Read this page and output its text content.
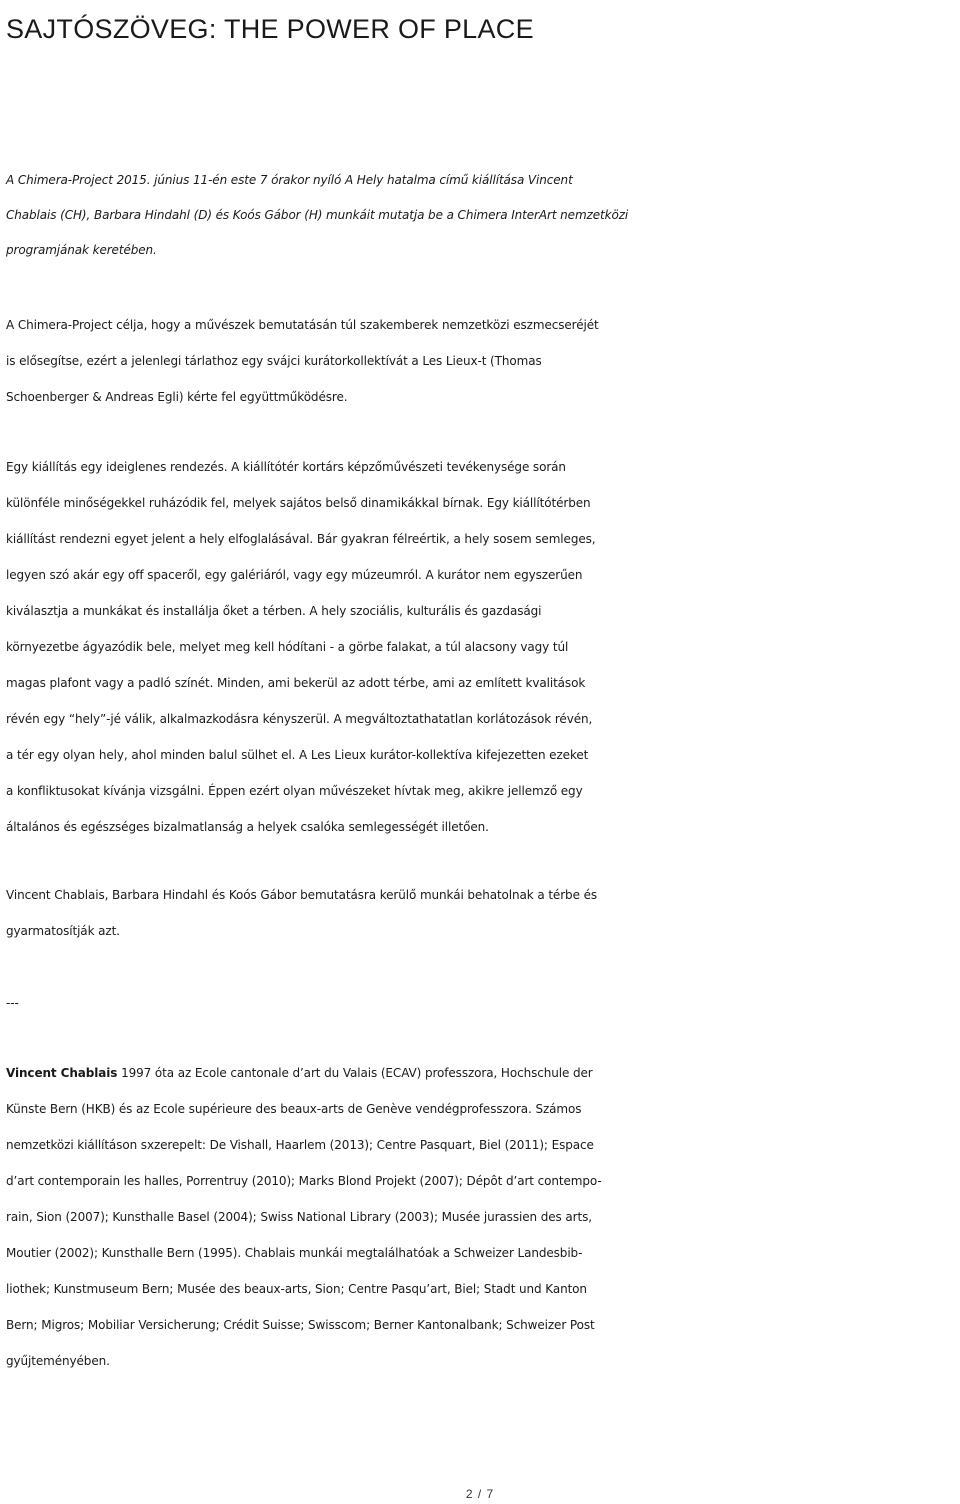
SAJTÓSZÖVEG: THE POWER OF PLACE
A Chimera-Project 2015. június 11-én este 7 órakor nyíló A Hely hatalma című kiállítása Vincent
Chablais (CH), Barbara Hindahl (D) és Koós Gábor (H) munkáit mutatja be a Chimera InterArt nemzetközi
programjának keretében.
A Chimera-Project célja, hogy a művészek bemutatásán túl szakemberek nemzetközi eszmecseréjét
is elősegítse, ezért a jelenlegi tárlathoz egy svájci kurátorkollektívát a Les Lieux-t (Thomas
Schoenberger & Andreas Egli) kérte fel együttműködésre.
Egy kiállítás egy ideiglenes rendezés. A kiállítótér kortárs képzőművészeti tevékenysége során
különféle minőségekkel ruházódik fel, melyek sajátos belső dinamikákkal bírnak. Egy kiállítótérben
kiállítást rendezni egyet jelent a hely elfoglalásával. Bár gyakran félreértik, a hely sosem semleges,
legyen szó akár egy off spaceről, egy galériáról, vagy egy múzeumról. A kurátor nem egyszerűen
kiválasztja a munkákat és installálja őket a térben. A hely szociális, kulturális és gazdasági
környezetbe ágyazódik bele, melyet meg kell hódítani - a görbe falakat, a túl alacsony vagy túl
magas plafont vagy a padló színét. Minden, ami bekerül az adott térbe, ami az említett kvalitások
révén egy “hely”-jé válik, alkalmazkodásra kényszerül. A megváltoztathatatlan korlátozások révén,
a tér egy olyan hely, ahol minden balul sülhet el. A Les Lieux kurátor-kollektíva kifejezetten ezeket
a konfliktusokat kívánja vizsgálni. Éppen ezért olyan művészeket hívtak meg, akikre jellemző egy
általános és egészséges bizalmatlanság a helyek csalóka semlegességét illetően.
Vincent Chablais, Barbara Hindahl és Koós Gábor bemutatásra kerülő munkái behatolnak a térbe és
gyarmatosítják azt.
---
Vincent Chablais 1997 óta az Ecole cantonale d’art du Valais (ECAV) professzora, Hochschule der
Künste Bern (HKB) és az Ecole supérieure des beaux-arts de Genève vendégprofesszora. Számos
nemzetközi kiállításon sxzerepelt: De Vishall, Haarlem (2013); Centre Pasquart, Biel (2011); Espace
d’art contemporain les halles, Porrentruy (2010); Marks Blond Projekt (2007); Dépôt d’art contempo-
rain, Sion (2007); Kunsthalle Basel (2004); Swiss National Library (2003); Musée jurassien des arts,
Moutier (2002); Kunsthalle Bern (1995). Chablais munkái megtalálhatóak a Schweizer Landesbib-
liothek; Kunstmuseum Bern; Musée des beaux-arts, Sion; Centre Pasqu’art, Biel; Stadt und Kanton
Bern; Migros; Mobiliar Versicherung; Crédit Suisse; Swisscom; Berner Kantonalbank; Schweizer Post
gyűjteményében.
2 / 7
